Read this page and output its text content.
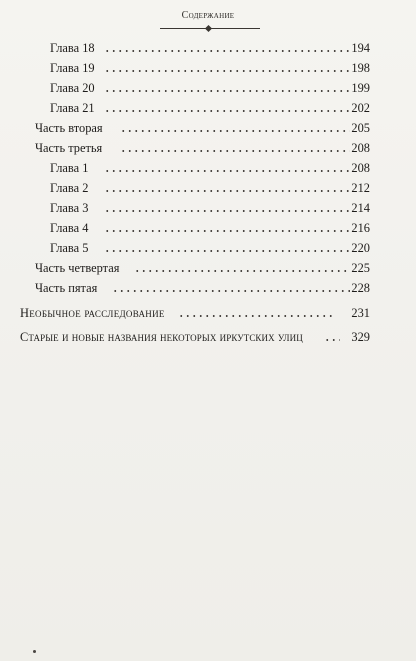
Содержание
Глава 18	194
Глава 19	198
Глава 20	199
Глава 21	202
Часть вторая	205
Часть третья	208
Глава 1	208
Глава 2	212
Глава 3	214
Глава 4	216
Глава 5	220
Часть четвертая	225
Часть пятая	228
Необычное расследование	231
Старые и новые названия некоторых иркутских улиц	329
